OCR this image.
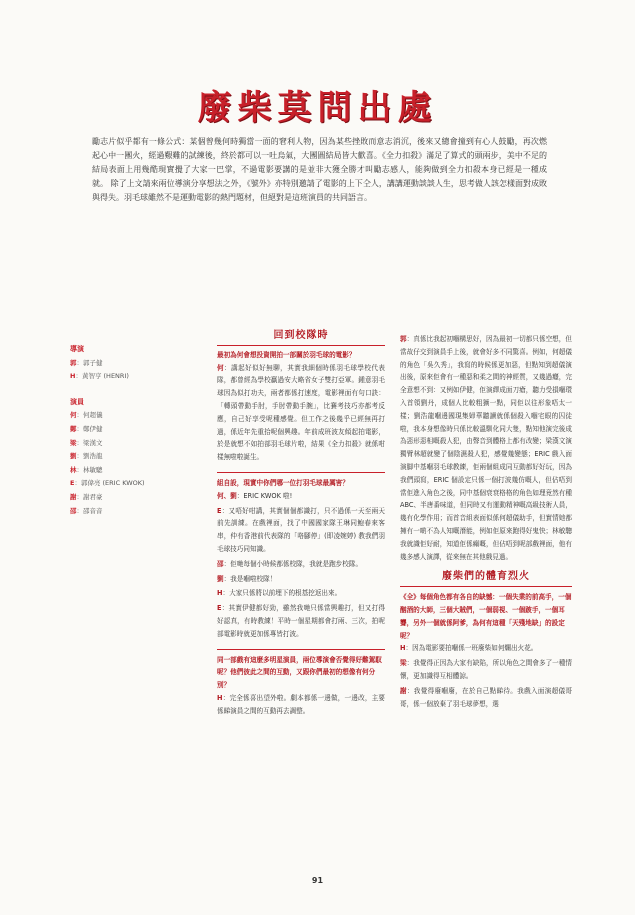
廢柴莫問出處

勵志片似乎都有一條公式：某個曾幾何時獨當一面的窘利人物，因為某些挫敗而意志消沉，後來又總會撞到有心人鼓勵，再次燃起心中一團火，經過艱難的試練後，終於都可以一吐烏氣，大團圓結局皆大歡喜。《全力扣殺》滿足了算式的頭兩步，美中不足的結局表面上用幾酷現實攪了大家一巴掌，不過電影要講的是並非大獲全勝才叫勵志感人，能夠做到全力扣殺本身已經是一種成就。 除了上文請來兩位導演分享想法之外，《號外》亦特別邀請了電影的上下仝人，講講運動談談人生，思考做人該怎樣面對成敗與得失。羽毛球雖然不是運動電影的熱門題材，但絕對是這班演員的共同語言。

導演
郭：郭子健
H：黃智亨 (HENRI)
演員
何：何超儀
鄭：鄭伊健
梁：梁漢文
劉：劉浩龍
林：林敏驄
E：郭偉亮 (ERIC KWOK)
謝：謝君豪
邵：邵音音
回到校隊時
最初為何會想投資開拍一部關於羽毛球的電影？

何：講起好似好無聊，其實我細個時係羽毛球學校代表隊，都曾經為學校贏過安大略省女子雙打亞軍。鍾意羽毛球因為似打功夫，兩者都係打速度，電影裡面有句口訣：「轉頭帶動手肘，手肘帶動手腕」，比賽考技巧亦都考反應，自己好享受呢種感覺。但工作之後幾乎已經無再打過，係近年先重拾呢個興趣。年前成班波友傾起拍電影，於是就想不如拍部羽毛球片啦，結果《全力扣殺》就係咁樣無啦啦誕生。

組自設，現實中你們哪一位打羽毛球最厲害？

何、劉：ERIC KWOK 啦!

E：又唔好咁講，其實個個都識打，只不過係一天至兩天前先訓練。在戲裡面，找了中國國家隊王琳同鮑春來客串，仲有香港前代表隊的「咯腳停」(即凌婉婷) 教我們羽毛球技巧同知識。

邵：佢哋每個小時候都係校隊，我就是跑步校隊。

劉：我是嗰啦校隊！

H：大家只係將以前埋下的根基挖返出來。

E：其實伊健都好勁，雖然我哋只係當興趣打，但又打得好認真，有時教練！平時一個星期都會打兩、三次，拍呢部電影時就更加係專皆打波。

同一部戲有這麼多明星演員，兩位導演會否覺得好難駕馭呢？他們彼此之間的互動，又跟你們最初的想像有何分別？

H：完全係喜出望外啦。劇本都係一邊做，一邊改，主要係睇演員之間的互動再去調整。

郭：真係比我起初嗰構思好，因為最初一切都只係空想，但當故仔交到演員手上後，就會好多不同驚喜。例如，何超儀的角色「吳久秀」，我寫的時候係更加惡，但點知到超儀演出後，原來佢會有一種惡和柔之間的神經質，又幾過癮，完全意想不到：又例如伊健，佢演繹成面刀瘡，聽力受損嗰環入首領劉丹，成個人比較粗獷一點，同佢以往形象唔太一樣；劉浩龍嗰邊國現集婦華聽讀就係個殺入嗰宅眼的囚徒啦，我本身想像時只係比較溫馴化同大隻，點知他演完後成為惡形惡相嘅殺人犯，由聲音到體格上都有改變；梁漢文演獨臂林超就變了個陰濕殺人犯，感覺幾變態；ERIC 戲入面演脚中基嗰羽毛球教練，佢兩個組成同互動都好好玩，因為我們頭寫，ERIC 個設定只係一個打波幾仿嘅人，但佔唔到當佢進入角色之後，同中基個衰衰格格的角色如理竟然有種 ABC、半唐番味道，但同時又有運動精神嘅高級技術人員，幾有化學作用；而首音組表面似係何超儀助手，但實情她都擁有一啲不為人知嘅潛能，例如佢原來跑得好鬼快；林敏驄我就識佢好耐，知道佢係癲嘅，但佔唔到呢部戲裡面，他有幾多感人演譯，從來無在其他戲見過。

廢柴們的體育烈火
《全》每個角色都有各自的缺憾：一個失業的前高手，一個酗酒的大師，三個大賊們，一個弱視、一個跛手，一個耳聾，另外一個就係阿爹，為何有這種「天殘地缺」的設定呢？

H：因為電影要拍嗰係一班廢柴如何爛出火花。

梁：我覺得正因為大家有缺陷，所以角色之間會多了一種情懷，更加識得互相體諒。

謝：我覺得廢嗰廢，在於自己點睇待。我戲入面演超儀哥哥，係一個放棄了羽毛球夢想，選

91
